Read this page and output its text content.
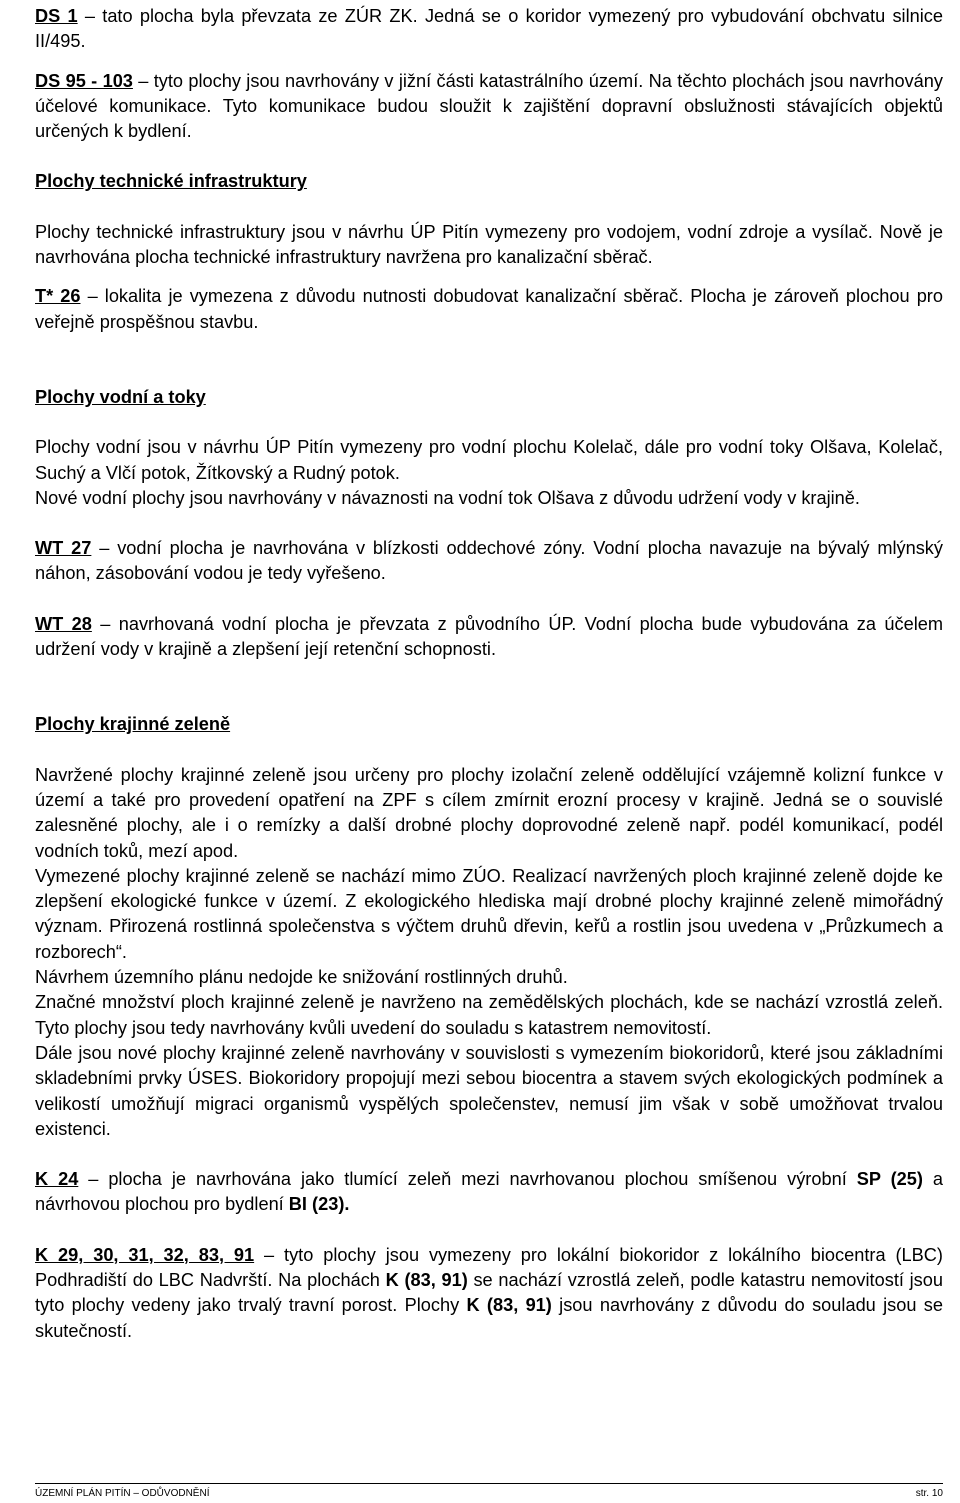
DS 1 – tato plocha byla převzata ze ZÚR ZK. Jedná se o koridor vymezený pro vybudování obchvatu silnice II/495.

DS 95 - 103 – tyto plochy jsou navrhovány v jižní části katastrálního území. Na těchto plochách jsou navrhovány účelové komunikace. Tyto komunikace budou sloužit k zajištění dopravní obslužnosti stávajících objektů určených k bydlení.

Plochy technické infrastruktury

Plochy technické infrastruktury jsou v návrhu ÚP Pitín vymezeny pro vodojem, vodní zdroje a vysílač. Nově je navrhována plocha technické infrastruktury navržena pro kanalizační sběrač.

T* 26 – lokalita je vymezena z důvodu nutnosti dobudovat kanalizační sběrač. Plocha je zároveň plochou pro veřejně prospěšnou stavbu.

Plochy vodní a toky

Plochy vodní jsou v návrhu ÚP Pitín vymezeny pro vodní plochu Kolelač, dále pro vodní toky Olšava, Kolelač, Suchý a Vlčí potok, Žítkovský a Rudný potok.

Nové vodní plochy jsou navrhovány v návaznosti na vodní tok Olšava z důvodu udržení vody v krajině.

WT 27 – vodní plocha je navrhována v blízkosti oddechové zóny. Vodní plocha navazuje na bývalý mlýnský náhon, zásobování vodou je tedy vyřešeno.

WT 28 – navrhovaná vodní plocha je převzata z původního ÚP. Vodní plocha bude vybudována za účelem udržení vody v krajině a zlepšení její retenční schopnosti.

Plochy krajinné zeleně

Navržené plochy krajinné zeleně jsou určeny pro plochy izolační zeleně oddělující vzájemně kolizní funkce v území a také pro provedení opatření na ZPF s cílem zmírnit erozní procesy v krajině. Jedná se o souvislé zalesněné plochy, ale i o remízky a další drobné plochy doprovodné zeleně např. podél komunikací, podél vodních toků, mezí apod.

Vymezené plochy krajinné zeleně se nachází mimo ZÚO. Realizací navržených ploch krajinné zeleně dojde ke zlepšení ekologické funkce v území. Z ekologického hlediska mají drobné plochy krajinné zeleně mimořádný význam. Přirozená rostlinná společenstva s výčtem druhů dřevin, keřů a rostlin jsou uvedena v „Průzkumech a rozborech“.

Návrhem územního plánu nedojde ke snižování rostlinných druhů.

Značné množství ploch krajinné zeleně je navrženo na zemědělských plochách, kde se nachází vzrostlá zeleň. Tyto plochy jsou tedy navrhovány kvůli uvedení do souladu s katastrem nemovitostí.

Dále jsou nové plochy krajinné zeleně navrhovány v souvislosti s vymezením biokoridorů, které jsou základními skladebními prvky ÚSES. Biokoridory propojují mezi sebou biocentra a stavem svých ekologických podmínek a velikostí umožňují migraci organismů vyspělých společenstev, nemusí jim však v sobě umožňovat trvalou existenci.

K 24 – plocha je navrhována jako tlumící zeleň mezi navrhovanou plochou smíšenou výrobní SP (25) a návrhovou plochou pro bydlení BI (23).

K 29, 30, 31, 32, 83, 91 – tyto plochy jsou vymezeny pro lokální biokoridor z lokálního biocentra (LBC) Podhradiští do LBC Nadvrští. Na plochách K (83, 91) se nachází vzrostlá zeleň, podle katastru nemovitostí jsou tyto plochy vedeny jako trvalý travní porost. Plochy K (83, 91) jsou navrhovány z důvodu do souladu jsou se skutečností.

ÚZEMNÍ PLÁN PITÍN – ODŮVODNĚNÍ	str. 10
